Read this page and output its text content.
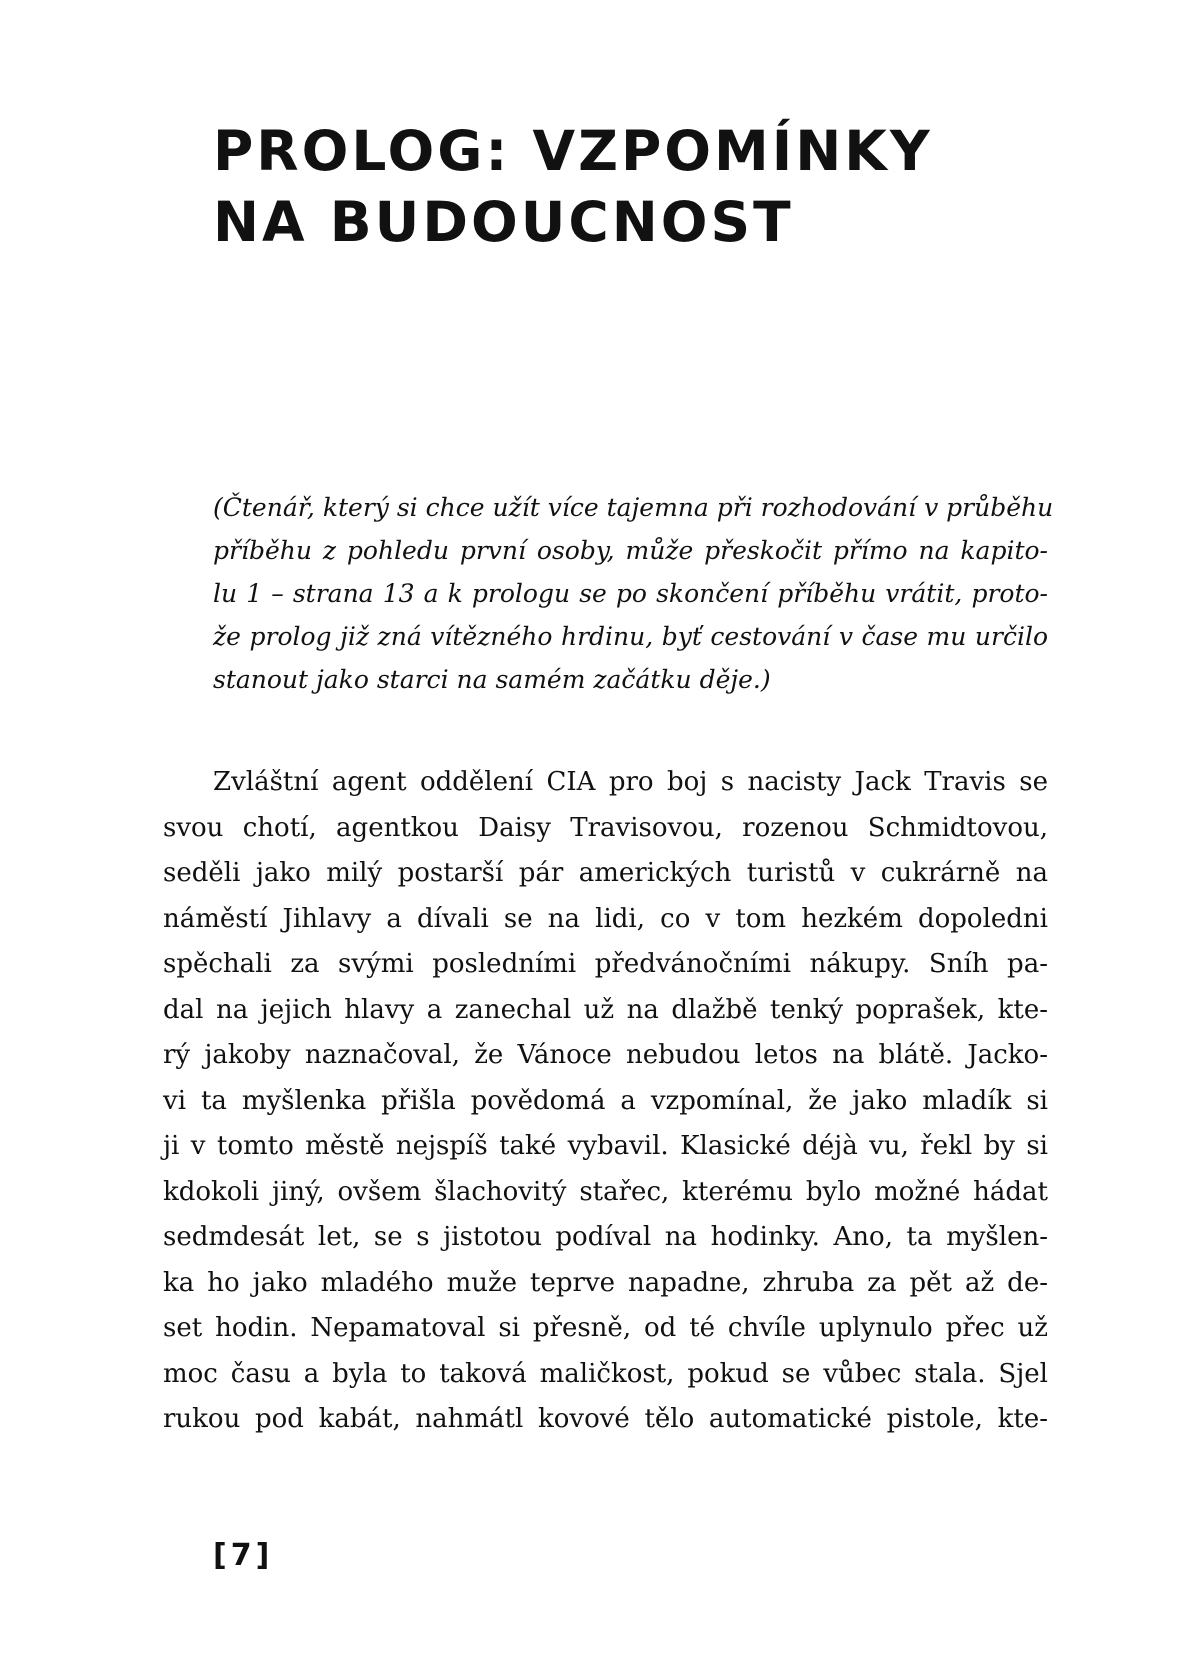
PROLOG: VZPOMÍNKY
NA BUDOUCNOST

(Čtenář, který si chce užít více tajemna při rozhodování v průběhu
příběhu z pohledu první osoby, může přeskočit přímo na kapito-
lu 1 – strana 13 a k prologu se po skončení příběhu vrátit, proto-
že prolog již zná vítězného hrdinu, byť cestování v čase mu určilo
stanout jako starci na samém začátku děje.)

Zvláštní agent oddělení CIA pro boj s nacisty Jack Travis se
svou chotí, agentkou Daisy Travisovou, rozenou Schmidtovou,
seděli jako milý postarší pár amerických turistů v cukrárně na
náměstí Jihlavy a dívali se na lidi, co v tom hezkém dopoledni
spěchali za svými posledními předvánočními nákupy. Sníh pa-
dal na jejich hlavy a zanechal už na dlažbě tenký poprašek, kte-
rý jakoby naznačoval, že Vánoce nebudou letos na blátě. Jacko-
vi ta myšlenka přišla povědomá a vzpomínal, že jako mladík si
ji v tomto městě nejspíš také vybavil. Klasické déjà vu, řekl by si
kdokoli jiný, ovšem šlachovitý stařec, kterému bylo možné hádat
sedmdesát let, se s jistotou podíval na hodinky. Ano, ta myšlen-
ka ho jako mladého muže teprve napadne, zhruba za pět až de-
set hodin. Nepamatoval si přesně, od té chvíle uplynulo přec už
moc času a byla to taková maličkost, pokud se vůbec stala. Sjel
rukou pod kabát, nahmátl kovové tělo automatické pistole, kte-

[7]
